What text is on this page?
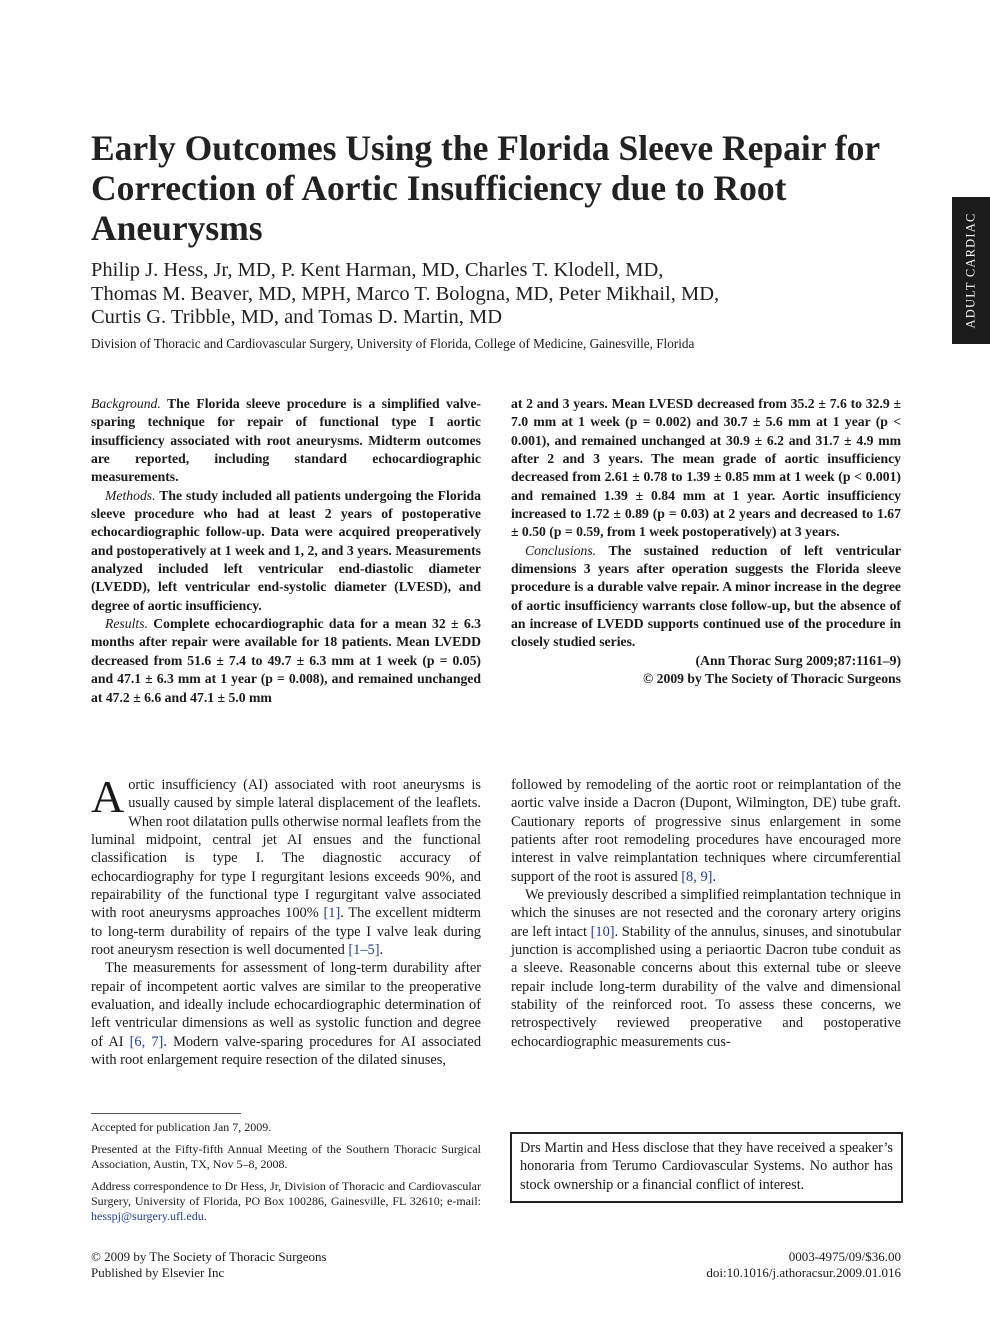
ADULT CARDIAC
Early Outcomes Using the Florida Sleeve Repair for
Correction of Aortic Insufficiency due to Root
Aneurysms
Philip J. Hess, Jr, MD, P. Kent Harman, MD, Charles T. Klodell, MD,
Thomas M. Beaver, MD, MPH, Marco T. Bologna, MD, Peter Mikhail, MD,
Curtis G. Tribble, MD, and Tomas D. Martin, MD
Division of Thoracic and Cardiovascular Surgery, University of Florida, College of Medicine, Gainesville, Florida

Background. The Florida sleeve procedure is a simplified valve-sparing technique for repair of functional type I aortic insufficiency associated with root aneurysms. Midterm outcomes are reported, including standard echocardiographic measurements.

Methods. The study included all patients undergoing the Florida sleeve procedure who had at least 2 years of postoperative echocardiographic follow-up. Data were acquired preoperatively and postoperatively at 1 week and 1, 2, and 3 years. Measurements analyzed included left ventricular end-diastolic diameter (LVEDD), left ventricular end-systolic diameter (LVESD), and degree of aortic insufficiency.

Results. Complete echocardiographic data for a mean 32 ± 6.3 months after repair were available for 18 patients. Mean LVEDD decreased from 51.6 ± 7.4 to 49.7 ± 6.3 mm at 1 week (p = 0.05) and 47.1 ± 6.3 mm at 1 year (p = 0.008), and remained unchanged at 47.2 ± 6.6 and 47.1 ± 5.0 mm

at 2 and 3 years. Mean LVESD decreased from 35.2 ± 7.6 to 32.9 ± 7.0 mm at 1 week (p = 0.002) and 30.7 ± 5.6 mm at 1 year (p < 0.001), and remained unchanged at 30.9 ± 6.2 and 31.7 ± 4.9 mm after 2 and 3 years. The mean grade of aortic insufficiency decreased from 2.61 ± 0.78 to 1.39 ± 0.85 mm at 1 week (p < 0.001) and remained 1.39 ± 0.84 mm at 1 year. Aortic insufficiency increased to 1.72 ± 0.89 (p = 0.03) at 2 years and decreased to 1.67 ± 0.50 (p = 0.59, from 1 week postoperatively) at 3 years.

Conclusions. The sustained reduction of left ventricular dimensions 3 years after operation suggests the Florida sleeve procedure is a durable valve repair. A minor increase in the degree of aortic insufficiency warrants close follow-up, but the absence of an increase of LVEDD supports continued use of the procedure in closely studied series.

(Ann Thorac Surg 2009;87:1161–9)

© 2009 by The Society of Thoracic Surgeons

Aortic insufficiency (AI) associated with root aneurysms is usually caused by simple lateral displacement of the leaflets. When root dilatation pulls otherwise normal leaflets from the luminal midpoint, central jet AI ensues and the functional classification is type I. The diagnostic accuracy of echocardiography for type I regurgitant lesions exceeds 90%, and repairability of the functional type I regurgitant valve associated with root aneurysms approaches 100% [1]. The excellent midterm to long-term durability of repairs of the type I valve leak during root aneurysm resection is well documented [1–5].

The measurements for assessment of long-term durability after repair of incompetent aortic valves are similar to the preoperative evaluation, and ideally include echocardiographic determination of left ventricular dimensions as well as systolic function and degree of AI [6, 7]. Modern valve-sparing procedures for AI associated with root enlargement require resection of the dilated sinuses,

followed by remodeling of the aortic root or reimplantation of the aortic valve inside a Dacron (Dupont, Wilmington, DE) tube graft. Cautionary reports of progressive sinus enlargement in some patients after root remodeling procedures have encouraged more interest in valve reimplantation techniques where circumferential support of the root is assured [8, 9].

We previously described a simplified reimplantation technique in which the sinuses are not resected and the coronary artery origins are left intact [10]. Stability of the annulus, sinuses, and sinotubular junction is accomplished using a periaortic Dacron tube conduit as a sleeve. Reasonable concerns about this external tube or sleeve repair include long-term durability of the valve and dimensional stability of the reinforced root. To assess these concerns, we retrospectively reviewed preoperative and postoperative echocardiographic measurements cus-

Accepted for publication Jan 7, 2009.

Presented at the Fifty-fifth Annual Meeting of the Southern Thoracic Surgical Association, Austin, TX, Nov 5–8, 2008.

Address correspondence to Dr Hess, Jr, Division of Thoracic and Cardiovascular Surgery, University of Florida, PO Box 100286, Gainesville, FL 32610; e-mail: hesspj@surgery.ufl.edu.

Drs Martin and Hess disclose that they have received a speaker’s honoraria from Terumo Cardiovascular Systems. No author has stock ownership or a financial conflict of interest.
© 2009 by The Society of Thoracic Surgeons
Published by Elsevier Inc
0003-4975/09/$36.00
doi:10.1016/j.athoracsur.2009.01.016
